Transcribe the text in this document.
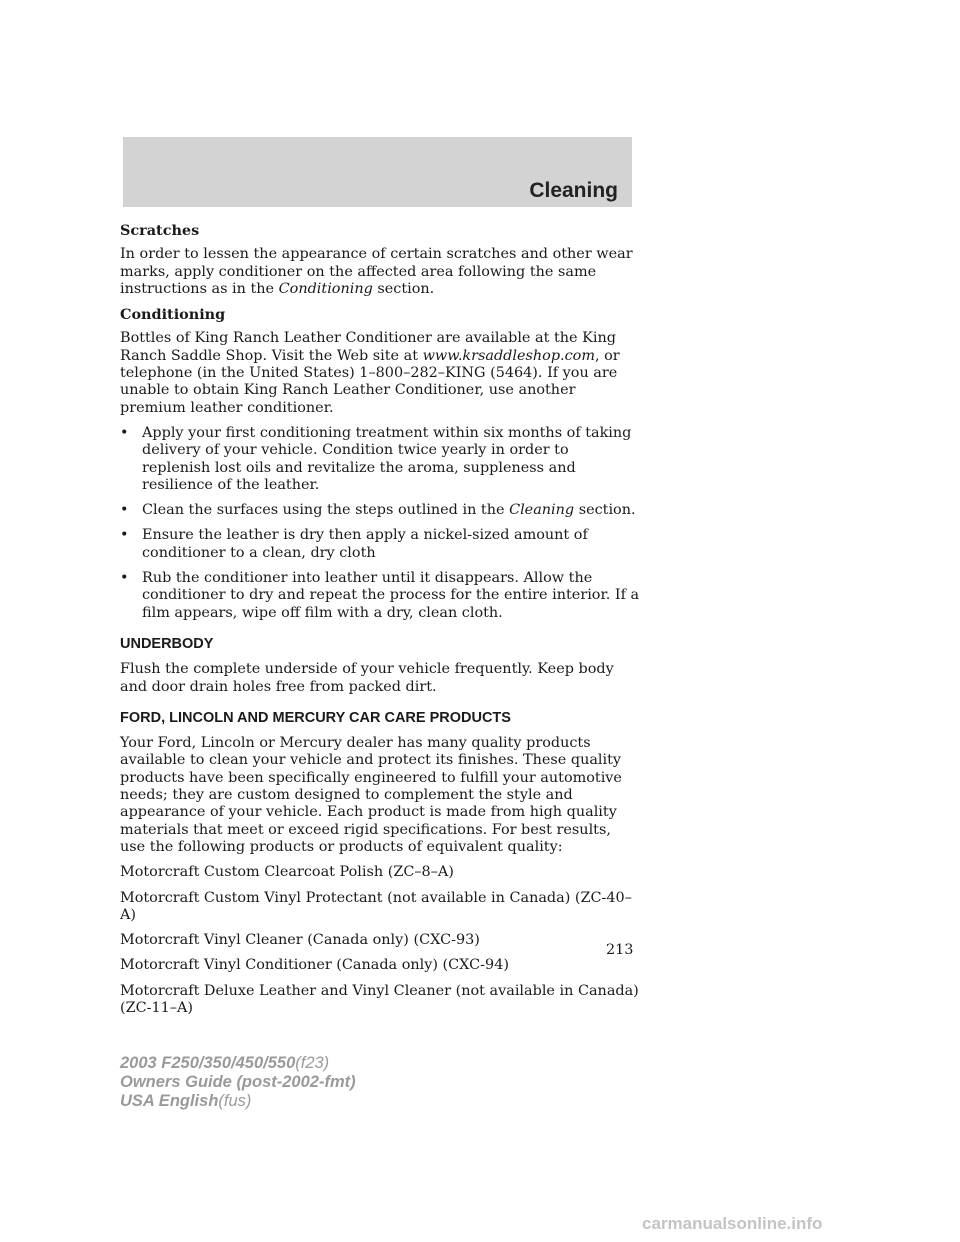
Cleaning
Scratches

In order to lessen the appearance of certain scratches and other wear marks, apply conditioner on the affected area following the same instructions as in the Conditioning section.

Conditioning

Bottles of King Ranch Leather Conditioner are available at the King Ranch Saddle Shop. Visit the Web site at www.krsaddleshop.com, or telephone (in the United States) 1–800–282–KING (5464). If you are unable to obtain King Ranch Leather Conditioner, use another premium leather conditioner.

• Apply your first conditioning treatment within six months of taking delivery of your vehicle. Condition twice yearly in order to replenish lost oils and revitalize the aroma, suppleness and resilience of the leather.
• Clean the surfaces using the steps outlined in the Cleaning section.
• Ensure the leather is dry then apply a nickel-sized amount of conditioner to a clean, dry cloth
• Rub the conditioner into leather until it disappears. Allow the conditioner to dry and repeat the process for the entire interior. If a film appears, wipe off film with a dry, clean cloth.
UNDERBODY

Flush the complete underside of your vehicle frequently. Keep body and door drain holes free from packed dirt.

FORD, LINCOLN AND MERCURY CAR CARE PRODUCTS

Your Ford, Lincoln or Mercury dealer has many quality products available to clean your vehicle and protect its finishes. These quality products have been specifically engineered to fulfill your automotive needs; they are custom designed to complement the style and appearance of your vehicle. Each product is made from high quality materials that meet or exceed rigid specifications. For best results, use the following products or products of equivalent quality:

Motorcraft Custom Clearcoat Polish (ZC–8–A)

Motorcraft Custom Vinyl Protectant (not available in Canada) (ZC-40–A)

Motorcraft Vinyl Cleaner (Canada only) (CXC-93)

Motorcraft Vinyl Conditioner (Canada only) (CXC-94)

Motorcraft Deluxe Leather and Vinyl Cleaner (not available in Canada) (ZC-11–A)

213
2003 F250/350/450/550(f23)
Owners Guide (post-2002-fmt)
USA English(fus)
carmanualsonline.info
